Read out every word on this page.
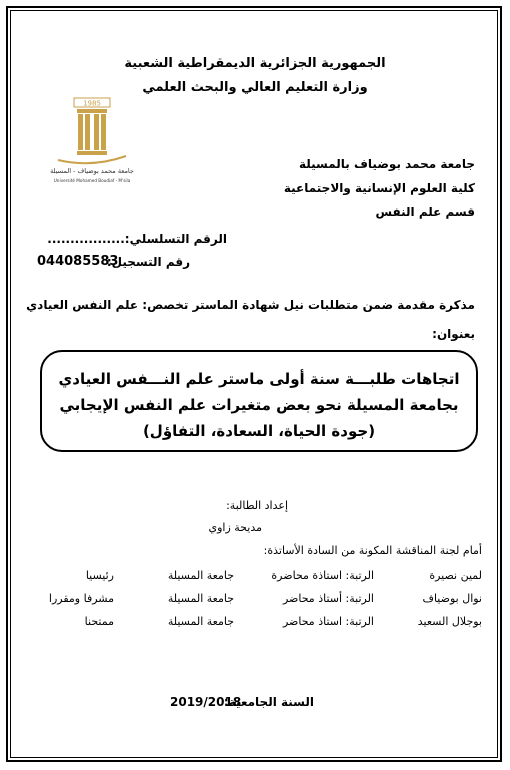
الجمهورية الجزائرية الديمقراطية الشعبية
وزارة التعليم العالي والبحث العلمي
1985
جامعة محمد بوضياف - المسيلة
Université Mohamed Boudiaf - M'sila
جامعة محمد بوضياف بالمسيلة
كلية العلوم الإنسانية والاجتماعية
قسم علم النفس
الرقم التسلسلي:.................
رقم التسجيل:
044085583
مذكرة مقدمة ضمن متطلبات نيل شهادة الماستر تخصص: علم النفس العيادي
بعنوان:
اتجاهات طلبـــة سنة أولى ماستر علم النـــفس العيادي
بجامعة المسيلة نحو بعض متغيرات علم النفس الإيجابي
(جودة الحياة، السعادة، التفاؤل)
إعداد الطالبة:
مديحة زاوي
أمام لجنة المناقشة المكونة من السادة الأساتذة:
لمين نصيرة
الرتبة: استاذة محاضرة
جامعة المسيلة
رئيسيا
نوال بوضياف
الرتبة: أستاذ محاضر
جامعة المسيلة
مشرفا ومقررا
بوجلال السعيد
الرتبة: استاذ محاضر
جامعة المسيلة
ممتحنا
السنة الجامعية:
2019/2018
